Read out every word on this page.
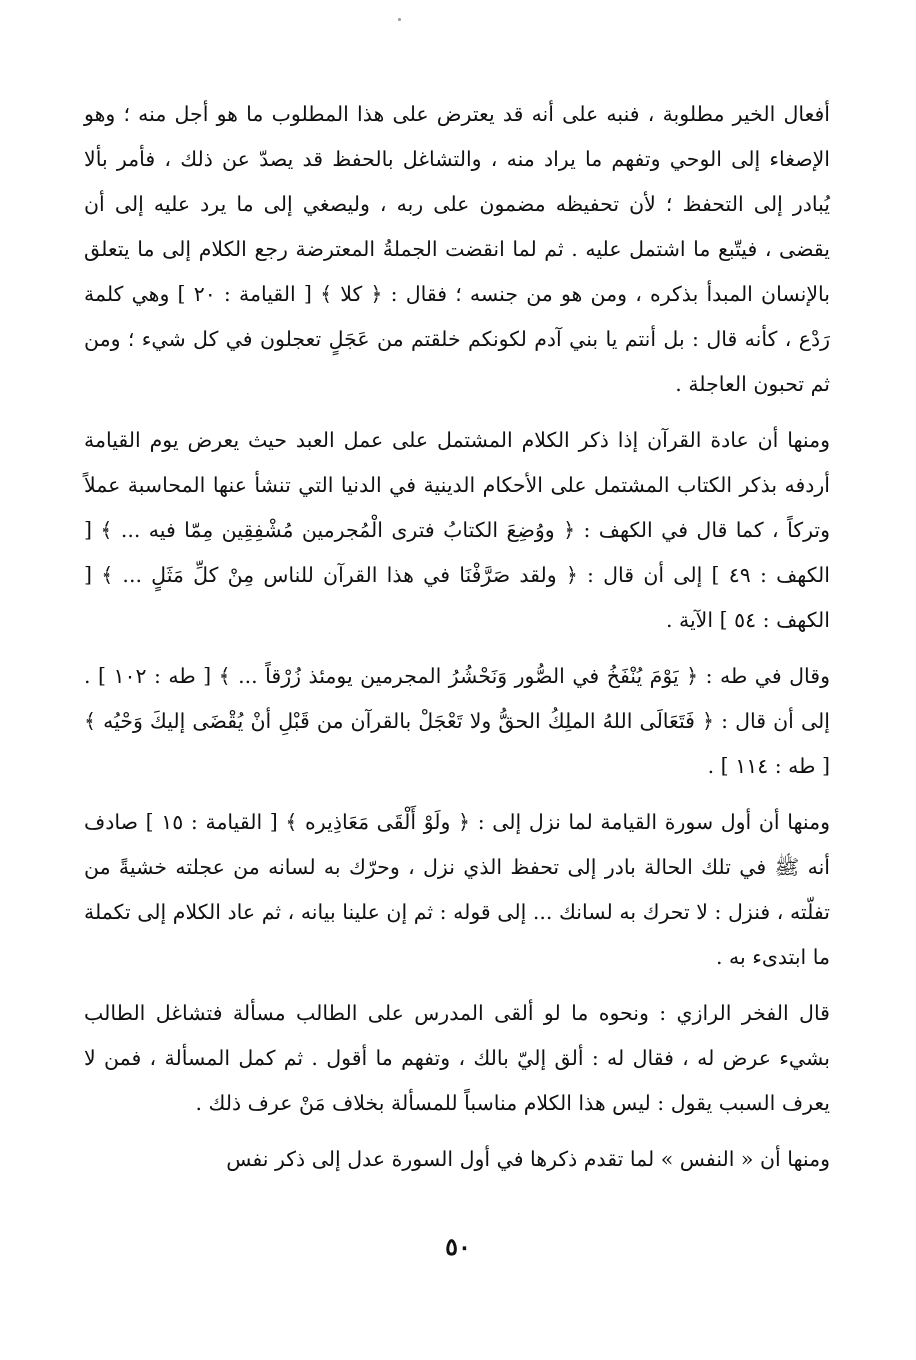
أفعال الخير مطلوبة ، فنبه على أنه قد يعترض على هذا المطلوب ما هو أجل منه ؛ وهو الإصغاء إلى الوحي وتفهم ما يراد منه ، والتشاغل بالحفظ قد يصدّ عن ذلك ، فأمر بألا يُبادر إلى التحفظ ؛ لأن تحفيظه مضمون على ربه ، وليصغي إلى ما يرد عليه إلى أن يقضى ، فيتّبع ما اشتمل عليه . ثم لما انقضت الجملةُ المعترضة رجع الكلام إلى ما يتعلق بالإنسان المبدأ بذكره ، ومن هو من جنسه ؛ فقال : ﴿ كلا ﴾ [ القيامة : ٢٠ ] وهي كلمة رَدْع ، كأنه قال : بل أنتم يا بني آدم لكونكم خلقتم من عَجَلٍ تعجلون في كل شيء ؛ ومن ثم تحبون العاجلة .

ومنها أن عادة القرآن إذا ذكر الكلام المشتمل على عمل العبد حيث يعرض يوم القيامة أردفه بذكر الكتاب المشتمل على الأحكام الدينية في الدنيا التي تنشأ عنها المحاسبة عملاً وتركاً ، كما قال في الكهف : ﴿ ووُضِعَ الكتابُ فترى الْمُجرمين مُشْفِقِين مِمّا فيه ... ﴾ [ الكهف : ٤٩ ] إلى أن قال : ﴿ ولقد صَرَّفْنَا في هذا القرآن للناس مِنْ كلِّ مَثَلٍ ... ﴾ [ الكهف : ٥٤ ] الآية .

وقال في طه : ﴿ يَوْمَ يُنْفَخُ في الصُّور وَنَحْشُرُ المجرمين يومئذ زُرْقاً ... ﴾ [ طه : ١٠٢ ] . إلى أن قال : ﴿ فَتَعَالَى اللهُ الملِكُ الحقُّ ولا تَعْجَلْ بالقرآن من قَبْلِ أنْ يُقْضَى إليكَ وَحْيُه ﴾ [ طه : ١١٤ ] .

ومنها أن أول سورة القيامة لما نزل إلى : ﴿ ولَوْ أَلْقَى مَعَاذِيره ﴾ [ القيامة : ١٥ ] صادف أنه ﷺ في تلك الحالة بادر إلى تحفظ الذي نزل ، وحرّك به لسانه من عجلته خشيةً من تفلّته ، فنزل : لا تحرك به لسانك ... إلى قوله : ثم إن علينا بيانه ، ثم عاد الكلام إلى تكملة ما ابتدىء به .

قال الفخر الرازي : ونحوه ما لو ألقى المدرس على الطالب مسألة فتشاغل الطالب بشيء عرض له ، فقال له : ألق إليّ بالك ، وتفهم ما أقول . ثم كمل المسألة ، فمن لا يعرف السبب يقول : ليس هذا الكلام مناسباً للمسألة بخلاف مَنْ عرف ذلك .

ومنها أن « النفس » لما تقدم ذكرها في أول السورة عدل إلى ذكر نفس

٥٠
